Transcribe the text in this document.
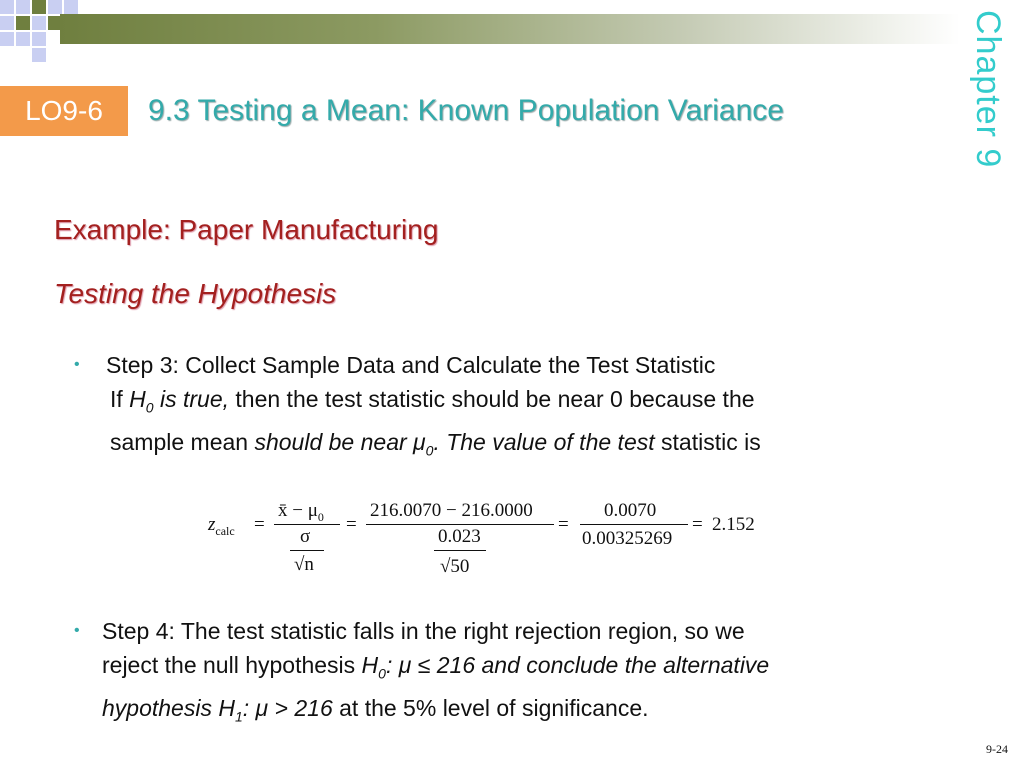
Chapter 9
LO9-6	9.3 Testing a Mean: Known Population Variance
Example: Paper Manufacturing
Testing the Hypothesis
• Step 3: Collect Sample Data and Calculate the Test Statistic
If $H_0$ is true, then the test statistic should be near 0 because the
sample mean should be near $\mu_0$. The value of the test statistic is
$z_{calc}$ =
x̄ − $\mu_0$
σ
√n
=
216.0070 − 216.0000
0.023
√50
=
0.0070
0.00325269
= 2.152
• Step 4: The test statistic falls in the right rejection region, so we
reject the null hypothesis $H_0$: μ ≤ 216 and conclude the alternative
hypothesis $H_1$: μ > 216 at the 5% level of significance.
9-24
